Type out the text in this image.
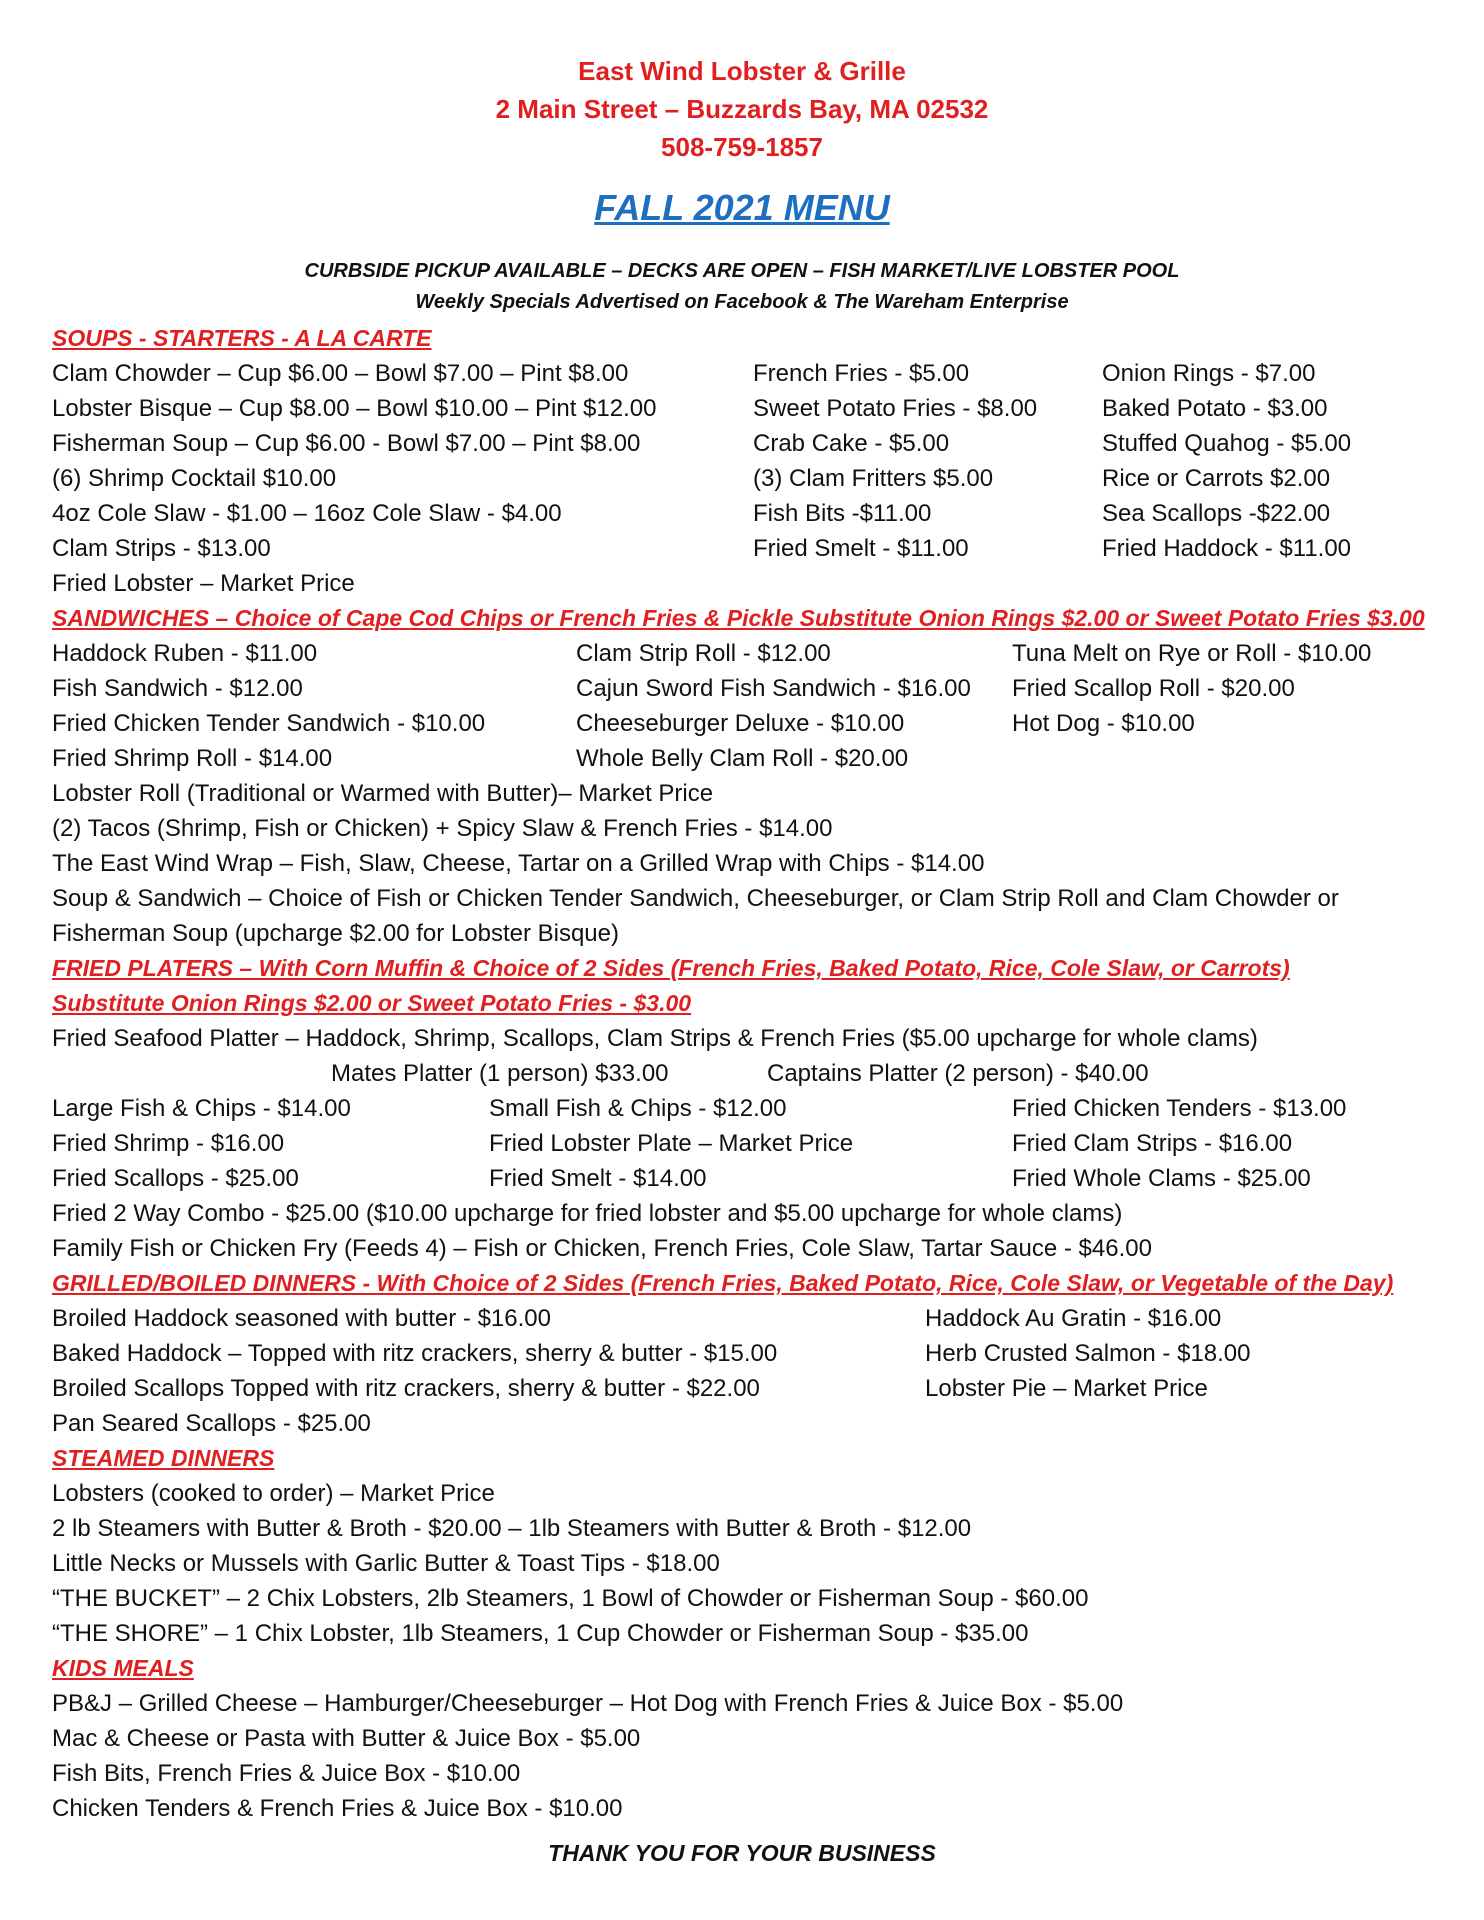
East Wind Lobster & Grille
2 Main Street – Buzzards Bay, MA 02532
508-759-1857
FALL 2021 MENU
CURBSIDE PICKUP AVAILABLE – DECKS ARE OPEN – FISH MARKET/LIVE LOBSTER POOL
Weekly Specials Advertised on Facebook & The Wareham Enterprise
SOUPS - STARTERS - A LA CARTE
Clam Chowder – Cup $6.00 – Bowl $7.00 – Pint $8.00	French Fries - $5.00	Onion Rings - $7.00
Lobster Bisque – Cup $8.00 – Bowl $10.00 – Pint $12.00	Sweet Potato Fries - $8.00	Baked Potato - $3.00
Fisherman Soup – Cup $6.00 - Bowl $7.00 – Pint $8.00	Crab Cake - $5.00	Stuffed Quahog - $5.00
(6) Shrimp Cocktail $10.00	(3) Clam Fritters $5.00	Rice or Carrots $2.00
4oz Cole Slaw - $1.00 – 16oz Cole Slaw - $4.00	Fish Bits -$11.00	Sea Scallops -$22.00
Clam Strips - $13.00	Fried Smelt - $11.00	Fried Haddock - $11.00
Fried Lobster – Market Price
SANDWICHES – Choice of Cape Cod Chips or French Fries & Pickle Substitute Onion Rings $2.00 or Sweet Potato Fries $3.00
Haddock Ruben - $11.00	Clam Strip Roll - $12.00	Tuna Melt on Rye or Roll - $10.00
Fish Sandwich - $12.00	Cajun Sword Fish Sandwich - $16.00 Fried Scallop Roll - $20.00
Fried Chicken Tender Sandwich - $10.00	Cheeseburger Deluxe - $10.00	Hot Dog - $10.00
Fried Shrimp Roll - $14.00	Whole Belly Clam Roll - $20.00
Lobster Roll (Traditional or Warmed with Butter)– Market Price
(2) Tacos (Shrimp, Fish or Chicken) + Spicy Slaw & French Fries - $14.00
The East Wind Wrap – Fish, Slaw, Cheese, Tartar on a Grilled Wrap with Chips - $14.00
Soup & Sandwich – Choice of Fish or Chicken Tender Sandwich, Cheeseburger, or Clam Strip Roll and Clam Chowder or
Fisherman Soup (upcharge $2.00 for Lobster Bisque)
FRIED PLATERS – With Corn Muffin & Choice of 2 Sides (French Fries, Baked Potato, Rice, Cole Slaw, or Carrots)
Substitute Onion Rings $2.00 or Sweet Potato Fries - $3.00
Fried Seafood Platter – Haddock, Shrimp, Scallops, Clam Strips & French Fries ($5.00 upcharge for whole clams)
Mates Platter (1 person) $33.00	Captains Platter (2 person) - $40.00
Large Fish & Chips - $14.00	Small Fish & Chips - $12.00	Fried Chicken Tenders - $13.00
Fried Shrimp - $16.00	Fried Lobster Plate – Market Price	Fried Clam Strips - $16.00
Fried Scallops - $25.00	Fried Smelt - $14.00	Fried Whole Clams - $25.00
Fried 2 Way Combo - $25.00 ($10.00 upcharge for fried lobster and $5.00 upcharge for whole clams)
Family Fish or Chicken Fry (Feeds 4) – Fish or Chicken, French Fries, Cole Slaw, Tartar Sauce - $46.00
GRILLED/BOILED DINNERS - With Choice of 2 Sides (French Fries, Baked Potato, Rice, Cole Slaw, or Vegetable of the Day)
Broiled Haddock seasoned with butter - $16.00	Haddock Au Gratin - $16.00
Baked Haddock – Topped with ritz crackers, sherry & butter - $15.00	Herb Crusted Salmon - $18.00
Broiled Scallops Topped with ritz crackers, sherry & butter - $22.00	Lobster Pie – Market Price
Pan Seared Scallops - $25.00
STEAMED DINNERS
Lobsters (cooked to order) – Market Price
2 lb Steamers with Butter & Broth - $20.00 – 1lb Steamers with Butter & Broth - $12.00
Little Necks or Mussels with Garlic Butter & Toast Tips - $18.00
“THE BUCKET” – 2 Chix Lobsters, 2lb Steamers, 1 Bowl of Chowder or Fisherman Soup - $60.00
“THE SHORE” – 1 Chix Lobster, 1lb Steamers, 1 Cup Chowder or Fisherman Soup - $35.00
KIDS MEALS
PB&J – Grilled Cheese – Hamburger/Cheeseburger – Hot Dog with French Fries & Juice Box - $5.00
Mac & Cheese or Pasta with Butter & Juice Box - $5.00
Fish Bits, French Fries & Juice Box - $10.00
Chicken Tenders & French Fries & Juice Box - $10.00
THANK YOU FOR YOUR BUSINESS
